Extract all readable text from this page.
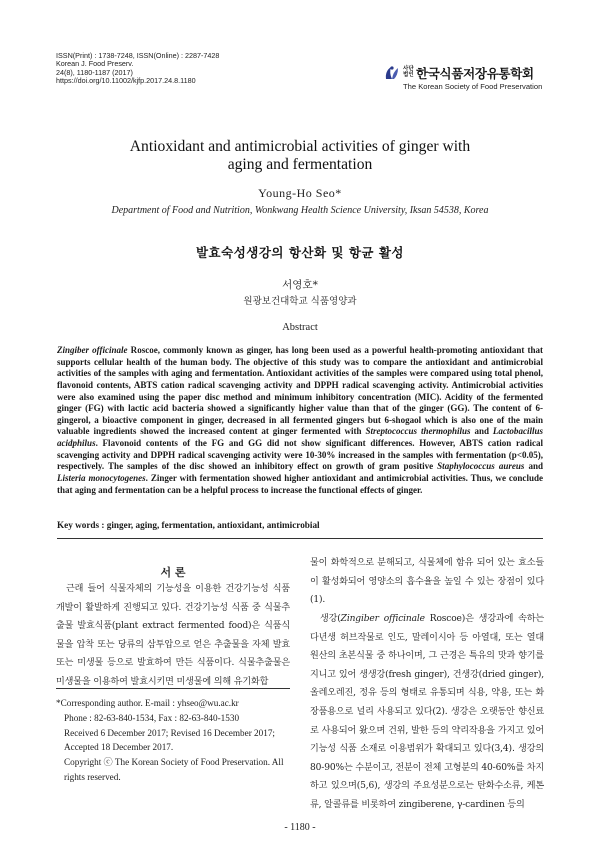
ISSN(Print) : 1738-7248, ISSN(Online) : 2287-7428
Korean J. Food Preserv.
24(8), 1180-1187 (2017)
https://doi.org/10.11002/kjfp.2017.24.8.1180
사단
법인 한국식품저장유통학회
The Korean Society of Food Preservation
Antioxidant and antimicrobial activities of ginger with
aging and fermentation
Young-Ho Seo*
Department of Food and Nutrition, Wonkwang Health Science University, Iksan 54538, Korea
발효숙성생강의 항산화 및 항균 활성
서영호*
원광보건대학교 식품영양과
Abstract
Zingiber officinale Roscoe, commonly known as ginger, has long been used as a powerful health-promoting antioxidant that supports cellular health of the human body. The objective of this study was to compare the antioxidant and antimicrobial activities of the samples with aging and fermentation. Antioxidant activities of the samples were compared using total phenol, flavonoid contents, ABTS cation radical scavenging activity and DPPH radical scavenging activity. Antimicrobial activities were also examined using the paper disc method and minimum inhibitory concentration (MIC). Acidity of the fermented ginger (FG) with lactic acid bacteria showed a significantly higher value than that of the ginger (GG). The content of 6-gingerol, a bioactive component in ginger, decreased in all fermented gingers but 6-shogaol which is also one of the main valuable ingredients showed the increased content at ginger fermented with Streptococcus thermophilus and Lactobacillus acidphilus. Flavonoid contents of the FG and GG did not show significant differences. However, ABTS cation radical scavenging activity and DPPH radical scavenging activity were 10-30% increased in the samples with fermentation (p<0.05), respectively. The samples of the disc showed an inhibitory effect on growth of gram positive Staphylococcus aureus and Listeria monocytogenes. Zinger with fermentation showed higher antioxidant and antimicrobial activities. Thus, we conclude that aging and fermentation can be a helpful process to increase the functional effects of ginger.
Key words : ginger, aging, fermentation, antioxidant, antimicrobial
서 론
근래 들어 식물자체의 기능성을 이용한 건강기능성 식품 개발이 활발하게 진행되고 있다. 건강기능성 식품 중 식물추출물 발효식품(plant extract fermented food)은 식품식물을 압착 또는 당류의 삼투압으로 얻은 추출물을 자체 발효 또는 미생물 등으로 발효하여 만든 식품이다. 식물추출물은 미생물을 이용하여 발효시키면 미생물에 의해 유기화합
*Corresponding author. E-mail : yhseo@wu.ac.kr
Phone : 82-63-840-1534, Fax : 82-63-840-1530
Received 6 December 2017; Revised 16 December 2017;
Accepted 18 December 2017.
Copyright ⓒ The Korean Society of Food Preservation. All rights reserved.
물이 화학적으로 분해되고, 식물체에 함유 되어 있는 효소들이 활성화되어 영양소의 흡수율을 높일 수 있는 장점이 있다(1).
생강(Zingiber officinale Roscoe)은 생강과에 속하는 다년생 허브작물로 인도, 말레이시아 등 아열대, 또는 열대 원산의 초본식물 중 하나이며, 그 근경은 특유의 맛과 향기를 지니고 있어 생생강(fresh ginger), 건생강(dried ginger), 올레오레진, 정유 등의 형태로 유통되며 식용, 약용, 또는 화장품용으로 널리 사용되고 있다(2). 생강은 오랫동안 향신료로 사용되어 왔으며 건위, 발한 등의 약리작용을 가지고 있어 기능성 식품 소재로 이용범위가 확대되고 있다(3,4). 생강의 80-90%는 수분이고, 전분이 전체 고형분의 40-60%를 차지하고 있으며(5,6), 생강의 주요성분으로는 탄화수소류, 케톤류, 알콜류를 비롯하여 zingiberene, γ-cardinen 등의
- 1180 -
